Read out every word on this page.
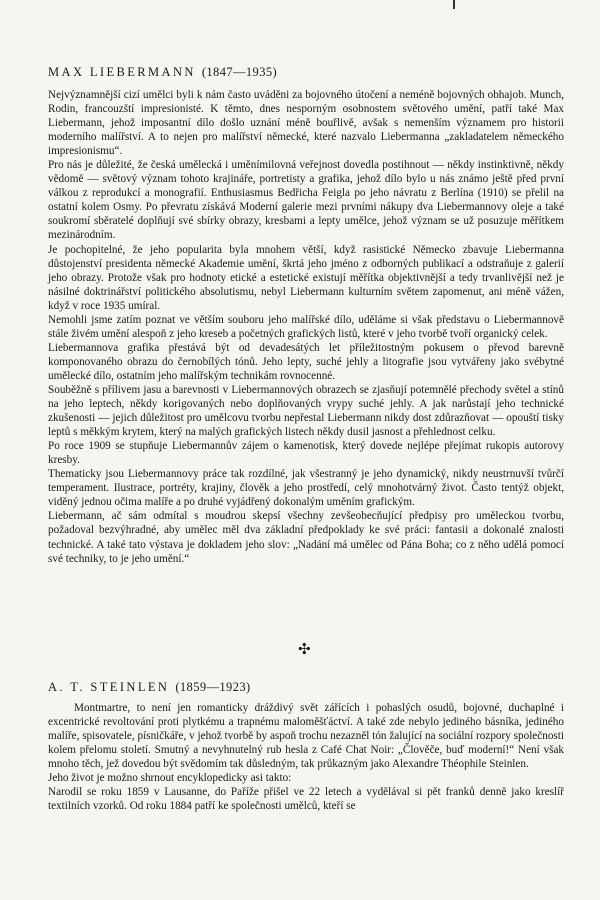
MAX LIEBERMANN (1847—1935)

Nejvýznamnější cizí umělci byli k nám často uváděni za bojovného útočení a neméně bojovných obhajob. Munch, Rodin, francouzští impresionisté. K těmto, dnes nesporným osobnostem světového umění, patří také Max Liebermann, jehož imposantní dílo došlo uznání méně bouřlivě, avšak s nemenším významem pro historii moderního malířství. A to nejen pro malířství německé, které nazvalo Liebermanna „zakladatelem německého impresionismu“.

Pro nás je důležité, že česká umělecká i uměnímilovná veřejnost dovedla postihnout — někdy instinktivně, někdy vědomě — světový význam tohoto krajináře, portretisty a grafika, jehož dílo bylo u nás známo ještě před první válkou z reprodukcí a monografií. Enthusiasmus Bedřicha Feigla po jeho návratu z Berlína (1910) se přelil na ostatní kolem Osmy. Po převratu získává Moderní galerie mezi prvními nákupy dva Liebermannovy oleje a také soukromí sběratelé doplňují své sbírky obrazy, kresbami a lepty umělce, jehož význam se už posuzuje měřítkem mezinárodním.

Je pochopitelné, že jeho popularita byla mnohem větší, když rasistické Německo zbavuje Liebermanna důstojenství presidenta německé Akademie umění, škrtá jeho jméno z odborných publikací a odstraňuje z galerií jeho obrazy. Protože však pro hodnoty etické a estetické existují měřítka objektivnější a tedy trvanlivější než je násilné doktrinářství politického absolutismu, nebyl Liebermann kulturním světem zapomenut, ani méně vážen, když v roce 1935 umíral.

Nemohli jsme zatím poznat ve větším souboru jeho malířské dílo, uděláme si však představu o Liebermannově stále živém umění alespoň z jeho kreseb a početných grafických listů, které v jeho tvorbě tvoří organický celek.

Liebermannova grafika přestává být od devadesátých let příležitostným pokusem o převod barevně komponovaného obrazu do černobílých tónů. Jeho lepty, suché jehly a litografie jsou vytvářeny jako svébytné umělecké dílo, ostatním jeho malířským technikám rovnocenné.

Souběžně s přílivem jasu a barevnosti v Liebermannových obrazech se zjasňují potemnělé přechody světel a stínů na jeho leptech, někdy korigovaných nebo doplňovaných vrypy suché jehly. A jak narůstají jeho technické zkušenosti — jejich důležitost pro umělcovu tvorbu nepřestal Liebermann nikdy dost zdůrazňovat — opouští tisky leptů s měkkým krytem, který na malých grafických listech někdy dusil jasnost a přehlednost celku.

Po roce 1909 se stupňuje Liebermannův zájem o kamenotisk, který dovede nejlépe přejímat rukopis autorovy kresby.

Thematicky jsou Liebermannovy práce tak rozdílné, jak všestranný je jeho dynamický, nikdy neustrnuvší tvůrčí temperament. Ilustrace, portréty, krajiny, člověk a jeho prostředí, celý mnohotvárný život. Často tentýž objekt, viděný jednou očima malíře a po druhé vyjádřený dokonalým uměním grafickým.

Liebermann, ač sám odmítal s moudrou skepsí všechny zevšeobecňující předpisy pro uměleckou tvorbu, požadoval bezvýhradné, aby umělec měl dva základní předpoklady ke své práci: fantasii a dokonalé znalosti technické. A také tato výstava je dokladem jeho slov: „Nadání má umělec od Pána Boha; co z něho udělá pomocí své techniky, to je jeho umění.“

✣
A. T. STEINLEN (1859—1923)

Montmartre, to není jen romanticky dráždivý svět zářících i pohaslých osudů, bojovné, duchaplné i excentrické revoltování proti plytkému a trapnému maloměšťáctví. A také zde nebylo jediného básníka, jediného malíře, spisovatele, písničkáře, v jehož tvorbě by aspoň trochu nezazněl tón žalující na sociální rozpory společnosti kolem přelomu století. Smutný a nevyhnutelný rub hesla z Café Chat Noir: „Člověče, buď moderní!“ Není však mnoho těch, jež dovedou být svědomím tak důsledným, tak průkazným jako Alexandre Théophile Steinlen.

Jeho život je možno shrnout encyklopedicky asi takto:

Narodil se roku 1859 v Lausanne, do Paříže přišel ve 22 letech a vydělával si pět franků denně jako kreslíř textilních vzorků. Od roku 1884 patří ke společnosti umělců, kteří se
